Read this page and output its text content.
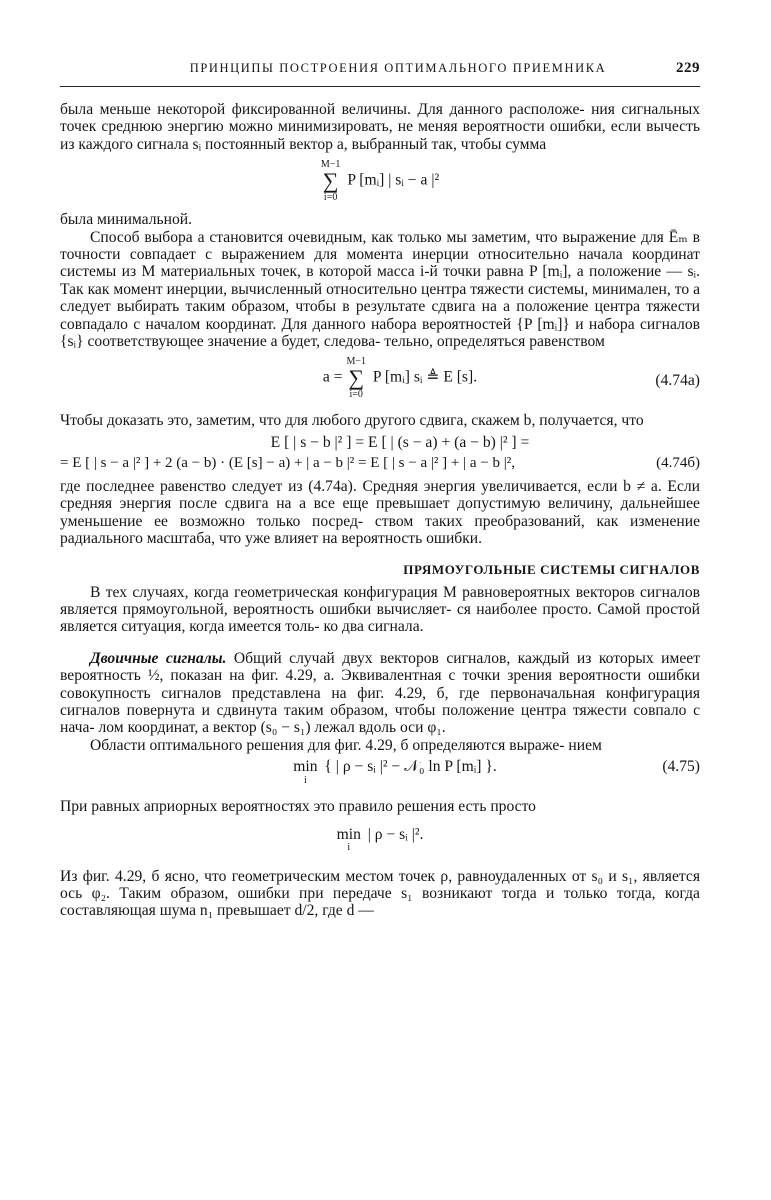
ПРИНЦИПЫ ПОСТРОЕНИЯ ОПТИМАЛЬНОГО ПРИЕМНИКА	229

была меньше некоторой фиксированной величины. Для данного расположе- ния сигнальных точек среднюю энергию можно минимизировать, не меняя вероятности ошибки, если вычесть из каждого сигнала sᵢ постоянный вектор a, выбранный так, чтобы сумма

M−1
∑
i=0
P [mᵢ] | sᵢ − a |²

была минимальной.

Способ выбора a становится очевидным, как только мы заметим, что выражение для Ēₘ в точности совпадает с выражением для момента инерции относительно начала координат системы из M материальных точек, в которой масса i-й точки равна P [mᵢ], а положение — sᵢ. Так как момент инерции, вычисленный относительно центра тяжести системы, минимален, то a следует выбирать таким образом, чтобы в результате сдвига на a положение центра тяжести совпадало с началом координат. Для данного набора вероятностей {P [mᵢ]} и набора сигналов {sᵢ} соответствующее значение a будет, следова- тельно, определяться равенством

a =
M−1
∑
i=0
P [mᵢ] sᵢ ≜ E [s].	(4.74а)

Чтобы доказать это, заметим, что для любого другого сдвига, скажем b, получается, что

E [ | s − b |² ] = E [ | (s − a) + (a − b) |² ] =
= E [ | s − a |² ] + 2 (a − b) · (E [s] − a) + | a − b |² = E [ | s − a |² ] + | a − b |²,	(4.74б)

где последнее равенство следует из (4.74а). Средняя энергия увеличивается, если b ≠ a. Если средняя энергия после сдвига на a все еще превышает допустимую величину, дальнейшее уменьшение ее возможно только посред- ством таких преобразований, как изменение радиального масштаба, что уже влияет на вероятность ошибки.

ПРЯМОУГОЛЬНЫЕ СИСТЕМЫ СИГНАЛОВ

В тех случаях, когда геометрическая конфигурация M равновероятных векторов сигналов является прямоугольной, вероятность ошибки вычисляет- ся наиболее просто. Самой простой является ситуация, когда имеется толь- ко два сигнала.

Двоичные сигналы. Общий случай двух векторов сигналов, каждый из которых имеет вероятность ½, показан на фиг. 4.29, а. Эквивалентная с точки зрения вероятности ошибки совокупность сигналов представлена на фиг. 4.29, б, где первоначальная конфигурация сигналов повернута и сдвинута таким образом, чтобы положение центра тяжести совпало с нача- лом координат, а вектор (s₀ − s₁) лежал вдоль оси φ₁.

Области оптимального решения для фиг. 4.29, б определяются выраже- нием

min
i
{ | ρ − sᵢ |² − 𝒩₀ ln P [mᵢ] }.	(4.75)

При равных априорных вероятностях это правило решения есть просто

min
i
| ρ − sᵢ |².

Из фиг. 4.29, б ясно, что геометрическим местом точек ρ, равноудаленных от s₀ и s₁, является ось φ₂. Таким образом, ошибки при передаче s₁ возникают тогда и только тогда, когда составляющая шума n₁ превышает d/2, где d —
